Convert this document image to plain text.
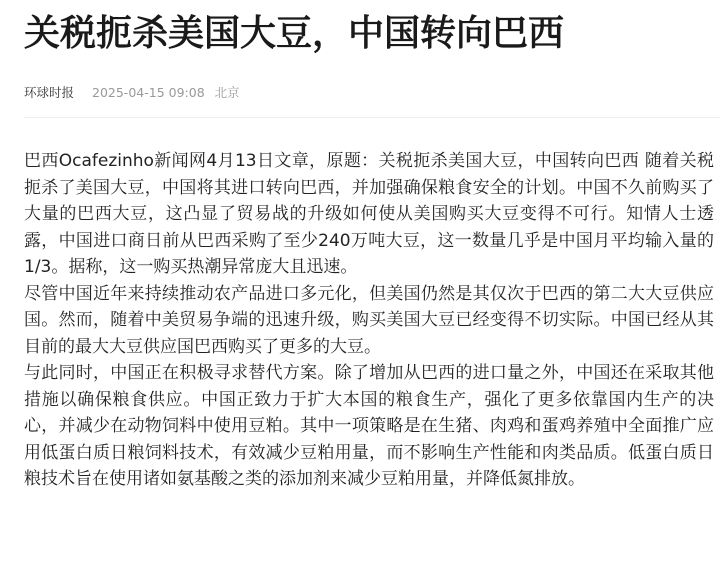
关税扼杀美国大豆，中国转向巴西
环球时报 2025-04-15 09:08 北京

巴西Ocafezinho新闻网4月13日文章，原题：关税扼杀美国大豆，中国转向巴西 随着关税扼杀了美国大豆，中国将其进口转向巴西，并加强确保粮食安全的计划。中国不久前购买了大量的巴西大豆，这凸显了贸易战的升级如何使从美国购买大豆变得不可行。知情人士透露，中国进口商日前从巴西采购了至少240万吨大豆，这一数量几乎是中国月平均输入量的1/3。据称，这一购买热潮异常庞大且迅速。

尽管中国近年来持续推动农产品进口多元化，但美国仍然是其仅次于巴西的第二大大豆供应国。然而，随着中美贸易争端的迅速升级，购买美国大豆已经变得不切实际。中国已经从其目前的最大大豆供应国巴西购买了更多的大豆。

与此同时，中国正在积极寻求替代方案。除了增加从巴西的进口量之外，中国还在采取其他措施以确保粮食供应。中国正致力于扩大本国的粮食生产，强化了更多依靠国内生产的决心，并减少在动物饲料中使用豆粕。其中一项策略是在生猪、肉鸡和蛋鸡养殖中全面推广应用低蛋白质日粮饲料技术，有效减少豆粕用量，而不影响生产性能和肉类品质。低蛋白质日粮技术旨在使用诸如氨基酸之类的添加剂来减少豆粕用量，并降低氮排放。
